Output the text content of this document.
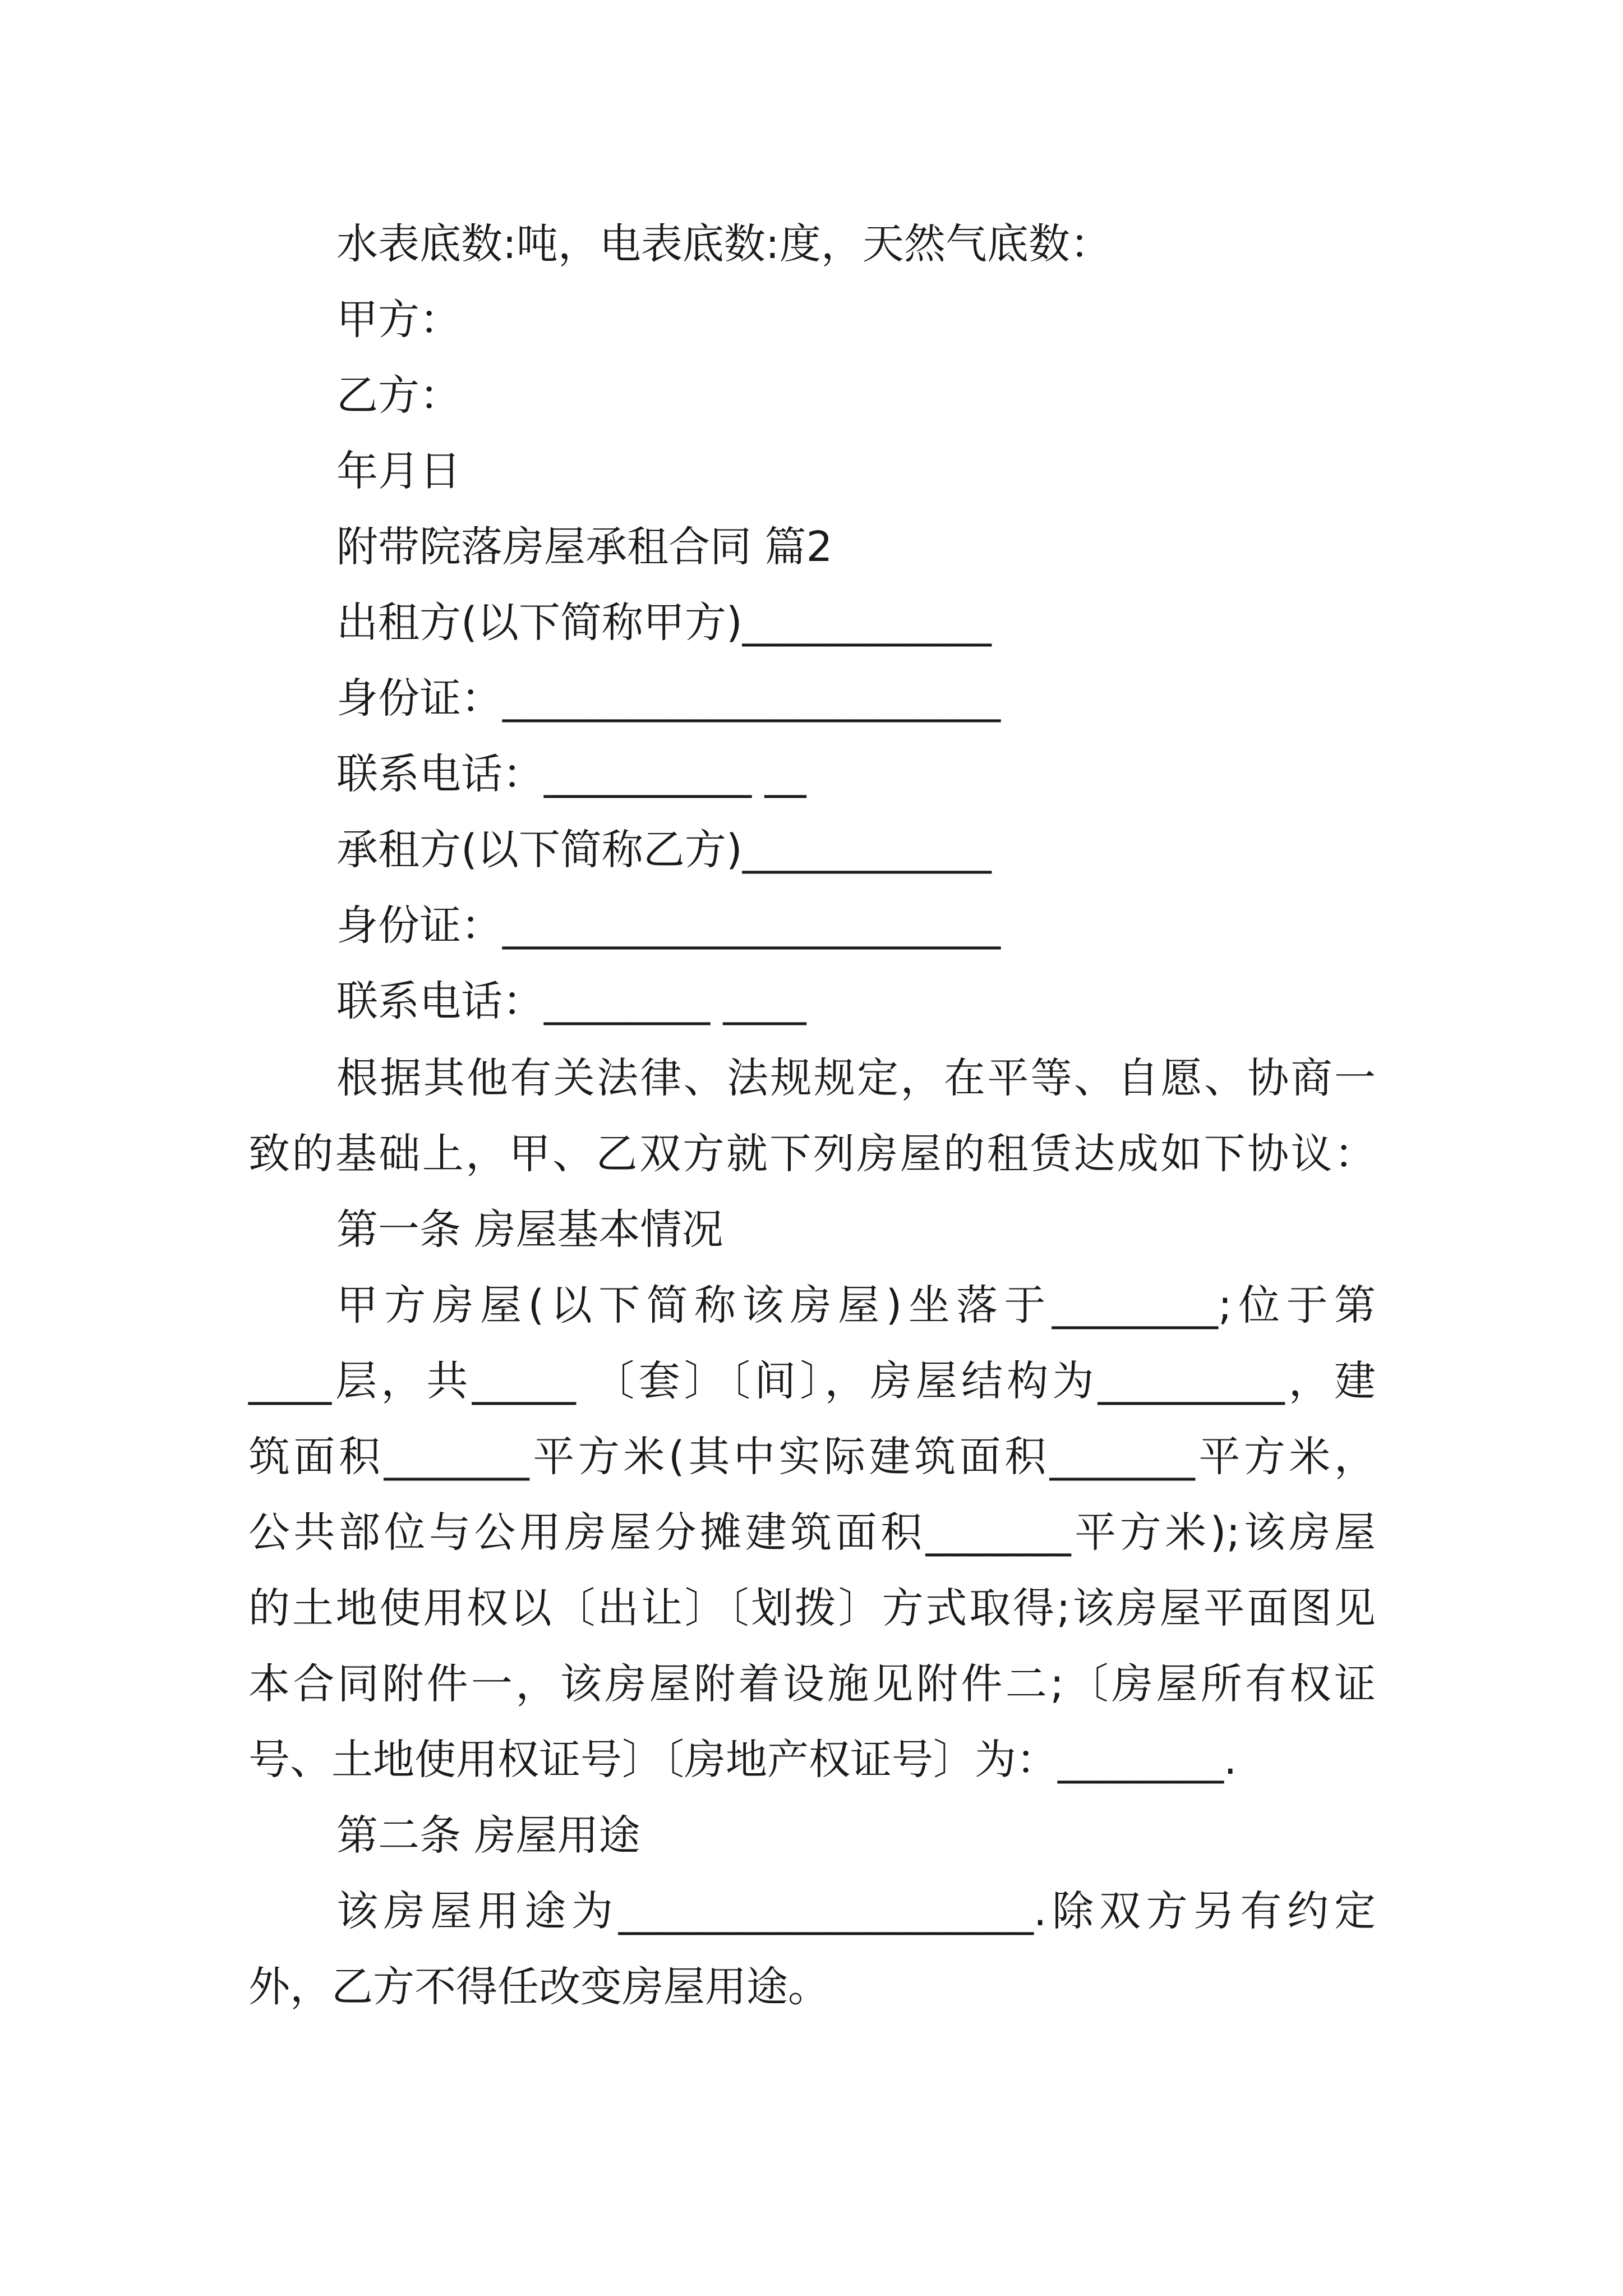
水表底数:吨，电表底数:度，天然气底数：
甲方：
乙方：
年月日
附带院落房屋承租合同 篇2
出租方(以下简称甲方)____________
身份证：________________________
联系电话：__________ __
承租方(以下简称乙方)____________
身份证：________________________
联系电话：________ ____
根据其他有关法律、法规规定，在平等、自愿、协商一
致的基础上，甲、乙双方就下列房屋的租赁达成如下协议：
第一条 房屋基本情况
甲方房屋(以下简称该房屋)坐落于________;位于第
____层，共_____ 〔套〕〔间〕，房屋结构为_________，建
筑面积_______平方米(其中实际建筑面积_______平方米，
公共部位与公用房屋分摊建筑面积_______平方米);该房屋
的土地使用权以〔出让〕〔划拨〕方式取得;该房屋平面图见
本合同附件一，该房屋附着设施见附件二;〔房屋所有权证
号、土地使用权证号〕〔房地产权证号〕为：________.
第二条 房屋用途
该房屋用途为____________________.除双方另有约定
外，乙方不得任改变房屋用途。
